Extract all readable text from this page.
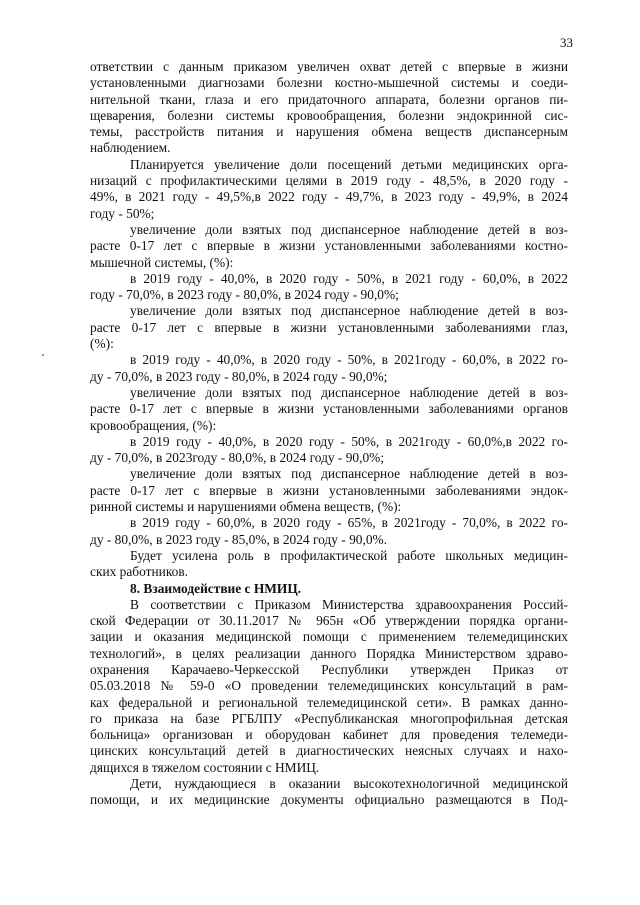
33

ответствии с данным приказом увеличен охват детей с впервые в жизни
установленными диагнозами болезни костно-мышечной системы и соеди-
нительной ткани, глаза и его придаточного аппарата, болезни органов пи-
щеварения, болезни системы кровообращения, болезни эндокринной сис-
темы, расстройств питания и нарушения обмена веществ диспансерным
наблюдением.

Планируется увеличение доли посещений детьми медицинских орга-
низаций с профилактическими целями в 2019 году - 48,5%, в 2020 году -
49%, в 2021 году - 49,5%,в 2022 году - 49,7%, в 2023 году - 49,9%, в 2024
году - 50%;

увеличение доли взятых под диспансерное наблюдение детей в воз-
расте 0-17 лет с впервые в жизни установленными заболеваниями костно-
мышечной системы, (%):

в 2019 году - 40,0%, в 2020 году - 50%, в 2021 году - 60,0%, в 2022
году - 70,0%, в 2023 году - 80,0%, в 2024 году - 90,0%;

увеличение доли взятых под диспансерное наблюдение детей в воз-
расте 0-17 лет с впервые в жизни установленными заболеваниями глаз,
(%):

в 2019 году - 40,0%, в 2020 году - 50%, в 2021году - 60,0%, в 2022 го-
ду - 70,0%, в 2023 году - 80,0%, в 2024 году - 90,0%;

увеличение доли взятых под диспансерное наблюдение детей в воз-
расте 0-17 лет с впервые в жизни установленными заболеваниями органов
кровообращения, (%):

в 2019 году - 40,0%, в 2020 году - 50%, в 2021году - 60,0%,в 2022 го-
ду - 70,0%, в 2023году - 80,0%, в 2024 году - 90,0%;

увеличение доли взятых под диспансерное наблюдение детей в воз-
расте 0-17 лет с впервые в жизни установленными заболеваниями эндок-
ринной системы и нарушениями обмена веществ, (%):

в 2019 году - 60,0%, в 2020 году - 65%, в 2021году - 70,0%, в 2022 го-
ду - 80,0%, в 2023 году - 85,0%, в 2024 году - 90,0%.

Будет усилена роль в профилактической работе школьных медицин-
ских работников.

8. Взаимодействие с НМИЦ.

В соответствии с Приказом Министерства здравоохранения Россий-
ской Федерации от 30.11.2017 № 965н «Об утверждении порядка органи-
зации и оказания медицинской помощи с применением телемедицинских
технологий», в целях реализации данного Порядка Министерством здраво-
охранения Карачаево-Черкесской Республики утвержден Приказ от
05.03.2018 № 59-0 «О проведении телемедицинских консультаций в рам-
ках федеральной и региональной телемедицинской сети». В рамках данно-
го приказа на базе РГБЛПУ «Республиканская многопрофильная детская
больница» организован и оборудован кабинет для проведения телемеди-
цинских консультаций детей в диагностических неясных случаях и нахо-
дящихся в тяжелом состоянии с НМИЦ.

Дети, нуждающиеся в оказании высокотехнологичной медицинской
помощи, и их медицинские документы официально размещаются в Под-
